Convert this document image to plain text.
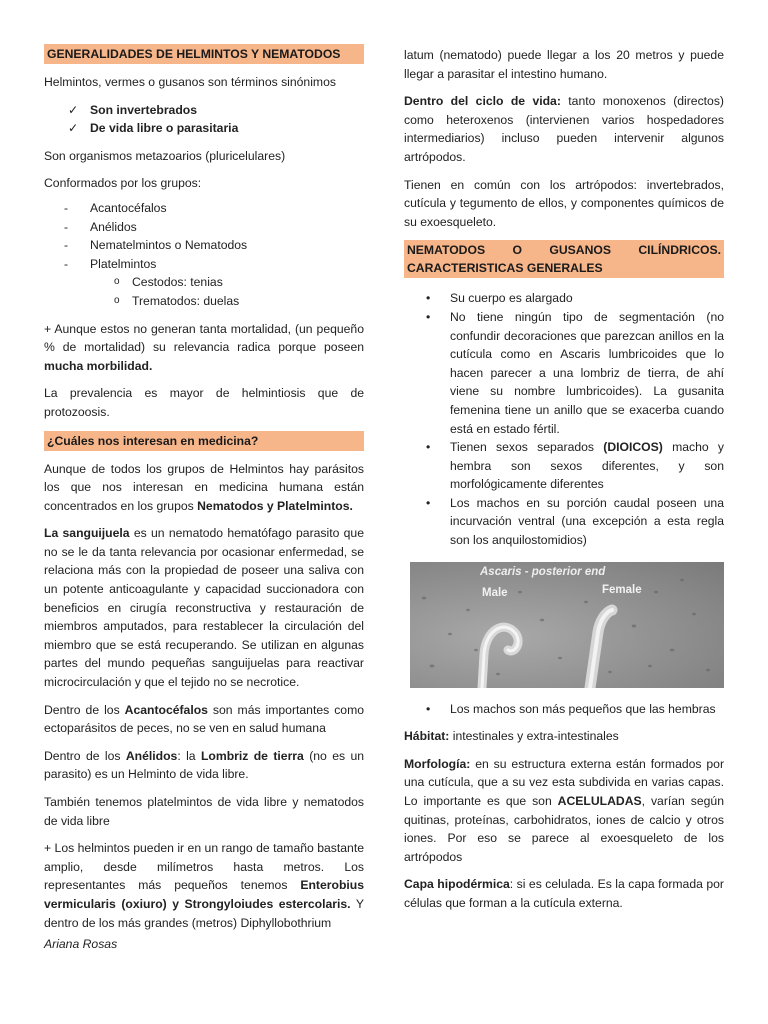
GENERALIDADES DE HELMINTOS Y NEMATODOS

Helmintos, vermes o gusanos son términos sinónimos

✓ Son invertebrados
✓ De vida libre o parasitaria

Son organismos metazoarios (pluricelulares)

Conformados por los grupos:

- Acantocéfalos
- Anélidos
- Nematelmintos o Nematodos
- Platelmintos
o Cestodos: tenias
o Trematodos: duelas

+ Aunque estos no generan tanta mortalidad, (un pequeño % de mortalidad) su relevancia radica porque poseen mucha morbilidad.

La prevalencia es mayor de helmintiosis que de protozoosis.

¿Cuáles nos interesan en medicina?

Aunque de todos los grupos de Helmintos hay parásitos los que nos interesan en medicina humana están concentrados en los grupos Nematodos y Platelmintos.

La sanguijuela es un nematodo hematófago parasito que no se le da tanta relevancia por ocasionar enfermedad, se relaciona más con la propiedad de poseer una saliva con un potente anticoagulante y capacidad succionadora con beneficios en cirugía reconstructiva y restauración de miembros amputados, para restablecer la circulación del miembro que se está recuperando. Se utilizan en algunas partes del mundo pequeñas sanguijuelas para reactivar microcirculación y que el tejido no se necrotice.

Dentro de los Acantocéfalos son más importantes como ectoparásitos de peces, no se ven en salud humana

Dentro de los Anélidos: la Lombriz de tierra (no es un parasito) es un Helminto de vida libre.

También tenemos platelmintos de vida libre y nematodos de vida libre

+ Los helmintos pueden ir en un rango de tamaño bastante amplio, desde milímetros hasta metros. Los representantes más pequeños tenemos Enterobius vermicularis (oxiuro) y Strongyloiudes estercolaris. Y dentro de los más grandes (metros) Diphyllobothrium

Ariana Rosas

latum (nematodo) puede llegar a los 20 metros y puede llegar a parasitar el intestino humano.

Dentro del ciclo de vida: tanto monoxenos (directos) como heteroxenos (intervienen varios hospedadores intermediarios) incluso pueden intervenir algunos artrópodos.

Tienen en común con los artrópodos: invertebrados, cutícula y tegumento de ellos, y componentes químicos de su exoesqueleto.

NEMATODOS O GUSANOS CILÍNDRICOS. CARACTERISTICAS GENERALES
• Su cuerpo es alargado
• No tiene ningún tipo de segmentación (no confundir decoraciones que parezcan anillos en la cutícula como en Ascaris lumbricoides que lo hacen parecer a una lombriz de tierra, de ahí viene su nombre lumbricoides). La gusanita femenina tiene un anillo que se exacerba cuando está en estado fértil.
• Tienen sexos separados (DIOICOS) macho y hembra son sexos diferentes, y son morfológicamente diferentes
• Los machos en su porción caudal poseen una incurvación ventral (una excepción a esta regla son los anquilostomidios)
Ascaris - posterior end
Male	Female
• Los machos son más pequeños que las hembras

Hábitat: intestinales y extra-intestinales

Morfología: en su estructura externa están formados por una cutícula, que a su vez esta subdivida en varias capas. Lo importante es que son ACELULADAS, varían según quitinas, proteínas, carbohidratos, iones de calcio y otros iones. Por eso se parece al exoesqueleto de los artrópodos

Capa hipodérmica: si es celulada. Es la capa formada por células que forman a la cutícula externa.
